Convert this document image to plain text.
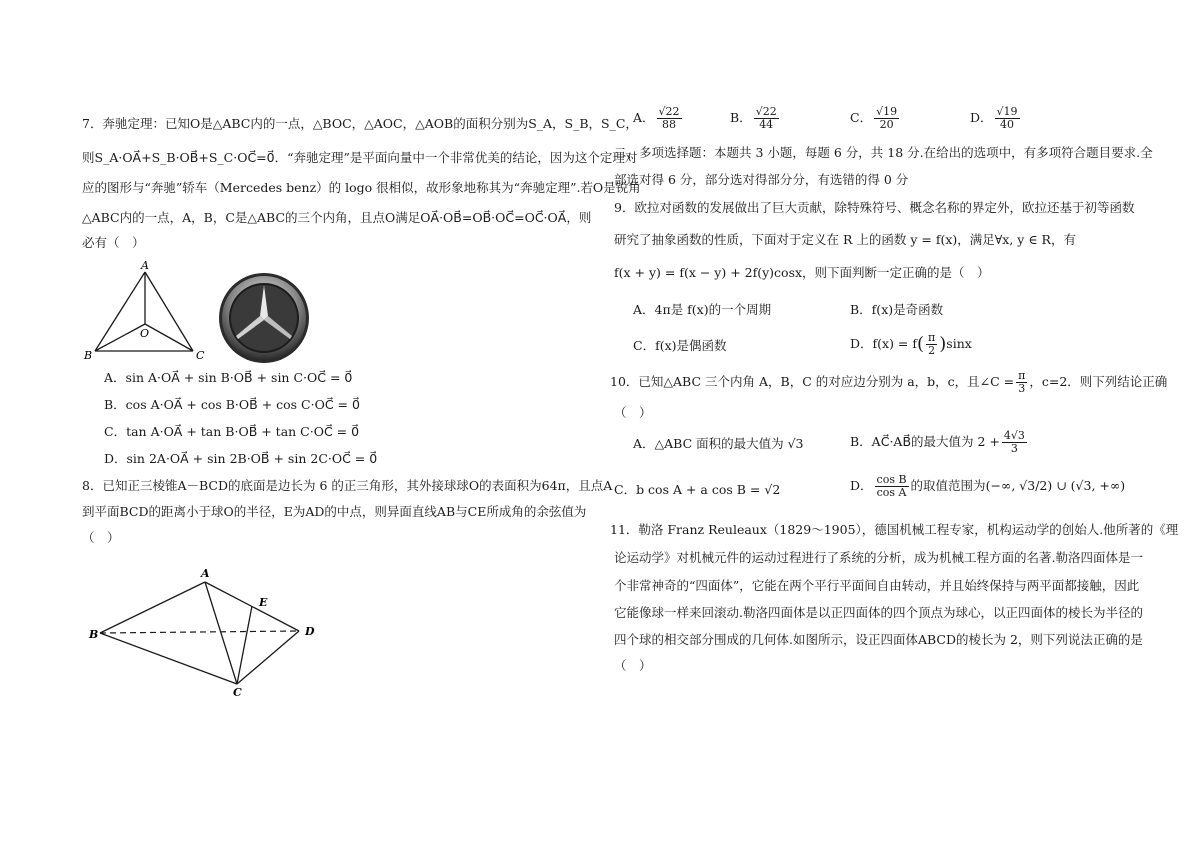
7．奔驰定理：已知O是△ABC内的一点，△BOC，△AOC，△AOB的面积分别为S_A，S_B，S_C，
则S_A·OA⃗+S_B·OB⃗+S_C·OC⃗=0⃗．“奔驰定理”是平面向量中一个非常优美的结论，因为这个定理对
应的图形与“奔驰”轿车（Mercedes benz）的 logo 很相似，故形象地称其为“奔驰定理”.若O是锐角
△ABC内的一点，A，B，C是△ABC的三个内角，且点O满足OA⃗·OB⃗=OB⃗·OC⃗=OC⃗·OA⃗，则
必有（　）
A
O
B	C
A．sin A·OA⃗ + sin B·OB⃗ + sin C·OC⃗ = 0⃗
B．cos A·OA⃗ + cos B·OB⃗ + cos C·OC⃗ = 0⃗
C．tan A·OA⃗ + tan B·OB⃗ + tan C·OC⃗ = 0⃗
D．sin 2A·OA⃗ + sin 2B·OB⃗ + sin 2C·OC⃗ = 0⃗
8．已知正三棱锥A－BCD的底面是边长为 6 的正三角形，其外接球球O的表面积为64π，且点A
到平面BCD的距离小于球O的半径，E为AD的中点，则异面直线AB与CE所成角的余弦值为
（　）
A
E
B	D
C
A． $\frac{√22}{88}$	B． $\frac{√22}{44}$	C． $\frac{√19}{20}$	D． $\frac{√19}{40}$
二、多项选择题：本题共 3 小题，每题 6 分，共 18 分.在给出的选项中，有多项符合题目要求.全
部选对得 6 分，部分选对得部分分，有选错的得 0 分
9．欧拉对函数的发展做出了巨大贡献，除特殊符号、概念名称的界定外，欧拉还基于初等函数
研究了抽象函数的性质，下面对于定义在 R 上的函数 y = f(x)，满足∀x, y ∈ R，有
f(x + y) = f(x − y) + 2f(y)cosx，则下面判断一定正确的是（　）
A．4π是 f(x)的一个周期	B．f(x)是奇函数
C．f(x)是偶函数	D．$f(x) = f( \frac{\pi}{2} )\sin x$
10．已知△ABC 三个内角 A，B，C 的对应边分别为 a，b，c，且∠C = $\frac{\pi}{3}$ ，c=2．则下列结论正确
（　）
A．△ABC 面积的最大值为 √3	B．AC⃗·AB⃗的最大值为 $2 + \frac{4√3}{3}$
C．b cos A + a cos B = √2	D． $\frac{\text{cos B}}{\text{cos A}}$ 的取值范围为(−∞, √3/2) ∪ (√3, +∞)
11．勒洛 Franz Reuleaux（1829～1905），德国机械工程专家，机构运动学的创始人.他所著的《理
论运动学》对机械元件的运动过程进行了系统的分析，成为机械工程方面的名著.勒洛四面体是一
个非常神奇的“四面体”，它能在两个平行平面间自由转动，并且始终保持与两平面都接触，因此
它能像球一样来回滚动.勒洛四面体是以正四面体的四个顶点为球心，以正四面体的棱长为半径的
四个球的相交部分围成的几何体.如图所示，设正四面体ABCD的棱长为 2，则下列说法正确的是
（　）
